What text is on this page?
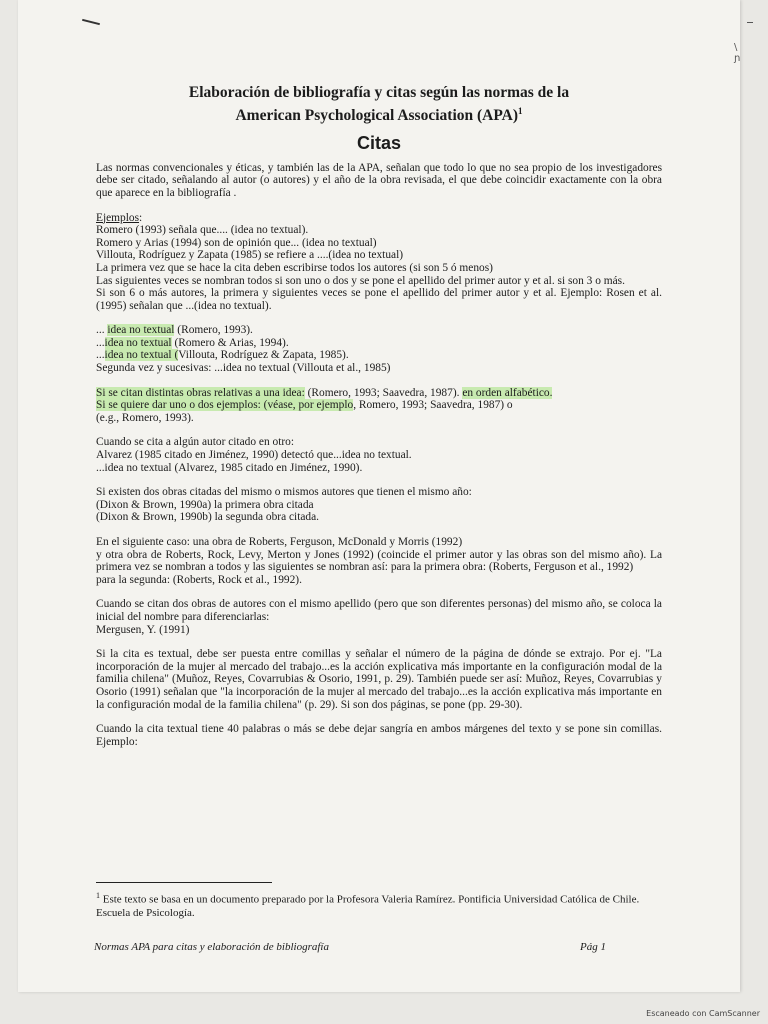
\ ɲ
Elaboración de bibliografía y citas según las normas de la
American Psychological Association (APA)$^1$
Citas

Las normas convencionales y éticas, y también las de la APA, señalan que todo lo que no sea propio de los investigadores debe ser citado, señalando al autor (o autores) y el año de la obra revisada, el que debe coincidir exactamente con la obra que aparece en la bibliografía .

Ejemplos:
Romero (1993) señala que.... (idea no textual).
Romero y Arias (1994) son de opinión que... (idea no textual)
Villouta, Rodríguez y Zapata (1985) se refiere a ....(idea no textual)
La primera vez que se hace la cita deben escribirse todos los autores (si son 5 ó menos)
Las siguientes veces se nombran todos si son uno o dos y se pone el apellido del primer autor y et al. si son 3 o más.
Si son 6 o más autores, la primera y siguientes veces se pone el apellido del primer autor y et al. Ejemplo: Rosen et al. (1995) señalan que ...(idea no textual).

... idea no textual (Romero, 1993).
...idea no textual (Romero & Arias, 1994).
...idea no textual (Villouta, Rodríguez & Zapata, 1985).
Segunda vez y sucesivas: ...idea no textual (Villouta et al., 1985)

Si se citan distintas obras relativas a una idea: (Romero, 1993; Saavedra, 1987). en orden alfabético.
Si se quiere dar uno o dos ejemplos: (véase, por ejemplo, Romero, 1993; Saavedra, 1987) o
(e.g., Romero, 1993).

Cuando se cita a algún autor citado en otro:
Alvarez (1985 citado en Jiménez, 1990) detectó que...idea no textual.
...idea no textual (Alvarez, 1985 citado en Jiménez, 1990).

Si existen dos obras citadas del mismo o mismos autores que tienen el mismo año:
(Dixon & Brown, 1990a) la primera obra citada
(Dixon & Brown, 1990b) la segunda obra citada.

En el siguiente caso: una obra de Roberts, Ferguson, McDonald y Morris (1992)
y otra obra de Roberts, Rock, Levy, Merton y Jones (1992) (coincide el primer autor y las obras son del mismo año). La primera vez se nombran a todos y las siguientes se nombran así: para la primera obra: (Roberts, Ferguson et al., 1992)
para la segunda: (Roberts, Rock et al., 1992).

Cuando se citan dos obras de autores con el mismo apellido (pero que son diferentes personas) del mismo año, se coloca la inicial del nombre para diferenciarlas:
Mergusen, Y. (1991)

Si la cita es textual, debe ser puesta entre comillas y señalar el número de la página de dónde se extrajo. Por ej. "La incorporación de la mujer al mercado del trabajo...es la acción explicativa más importante en la configuración modal de la familia chilena" (Muñoz, Reyes, Covarrubias & Osorio, 1991, p. 29). También puede ser así: Muñoz, Reyes, Covarrubias y Osorio (1991) señalan que "la incorporación de la mujer al mercado del trabajo...es la acción explicativa más importante en la configuración modal de la familia chilena" (p. 29). Si son dos páginas, se pone (pp. 29-30).

Cuando la cita textual tiene 40 palabras o más se debe dejar sangría en ambos márgenes del texto y se pone sin comillas. Ejemplo:

$^1$ Este texto se basa en un documento preparado por la Profesora Valeria Ramírez. Pontificia Universidad Católica de Chile. Escuela de Psicología.
Normas APA para citas y elaboración de bibliografía	Pág 1
Escaneado con CamScanner
